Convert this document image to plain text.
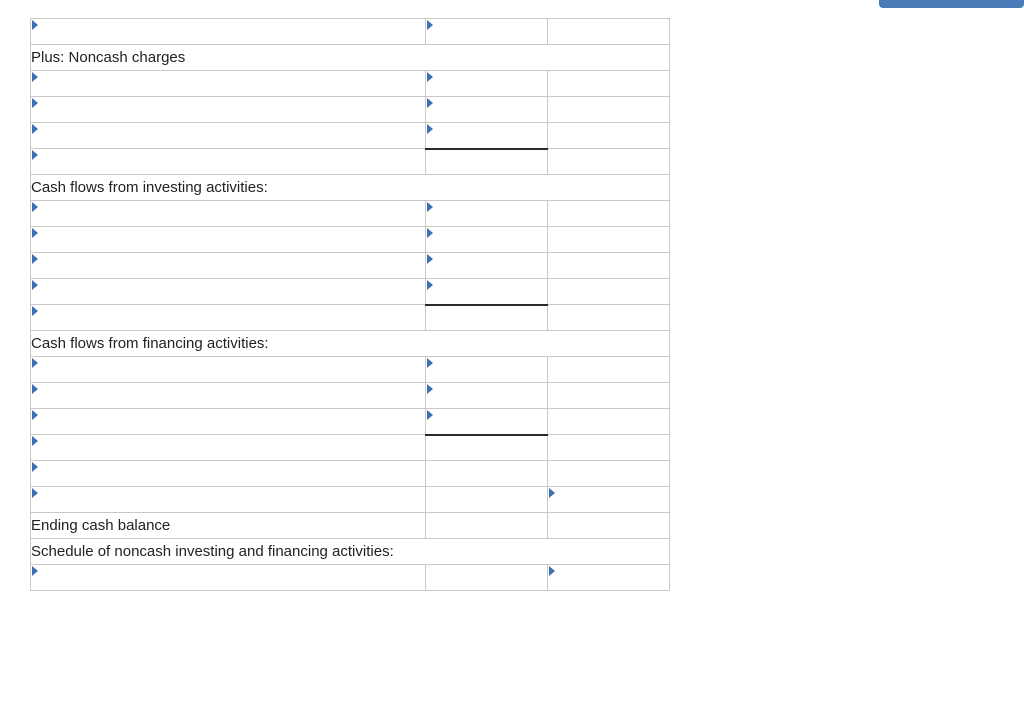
Plus: Noncash charges		

Cash flows from investing activities:		

Cash flows from financing activities:		

Ending cash balance		
Schedule of noncash investing and financing activities:		
